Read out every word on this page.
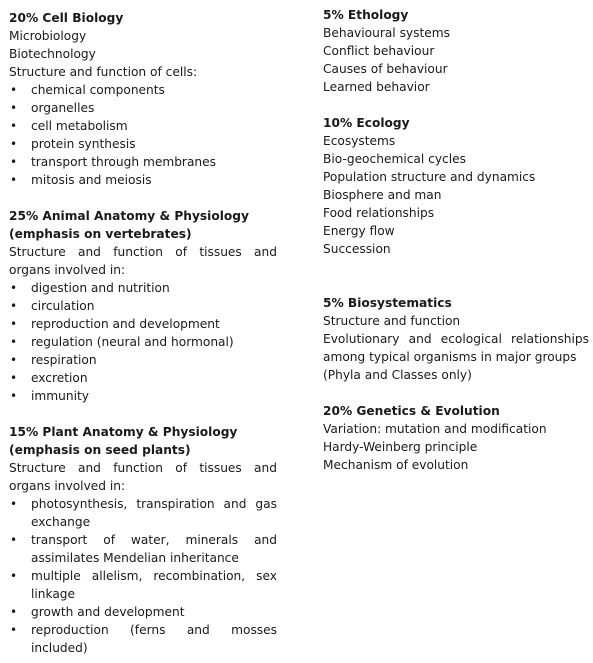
20% Cell Biology
Microbiology
Biotechnology
Structure and function of cells:
• chemical components
• organelles
• cell metabolism
• protein synthesis
• transport through membranes
• mitosis and meiosis
25% Animal Anatomy & Physiology
(emphasis on vertebrates)
Structure and function of tissues and organs involved in:
• digestion and nutrition
• circulation
• reproduction and development
• regulation (neural and hormonal)
• respiration
• excretion
• immunity
15% Plant Anatomy & Physiology
(emphasis on seed plants)
Structure and function of tissues and organs involved in:
• photosynthesis, transpiration and gas exchange
• transport of water, minerals and assimilates Mendelian inheritance
• multiple allelism, recombination, sex linkage
• growth and development
• reproduction (ferns and mosses included)
5% Ethology
Behavioural systems
Conflict behaviour
Causes of behaviour
Learned behavior
10% Ecology
Ecosystems
Bio-geochemical cycles
Population structure and dynamics
Biosphere and man
Food relationships
Energy flow
Succession
5% Biosystematics
Structure and function
Evolutionary and ecological relationships among typical organisms in major groups
(Phyla and Classes only)
20% Genetics & Evolution
Variation: mutation and modification
Hardy-Weinberg principle
Mechanism of evolution
